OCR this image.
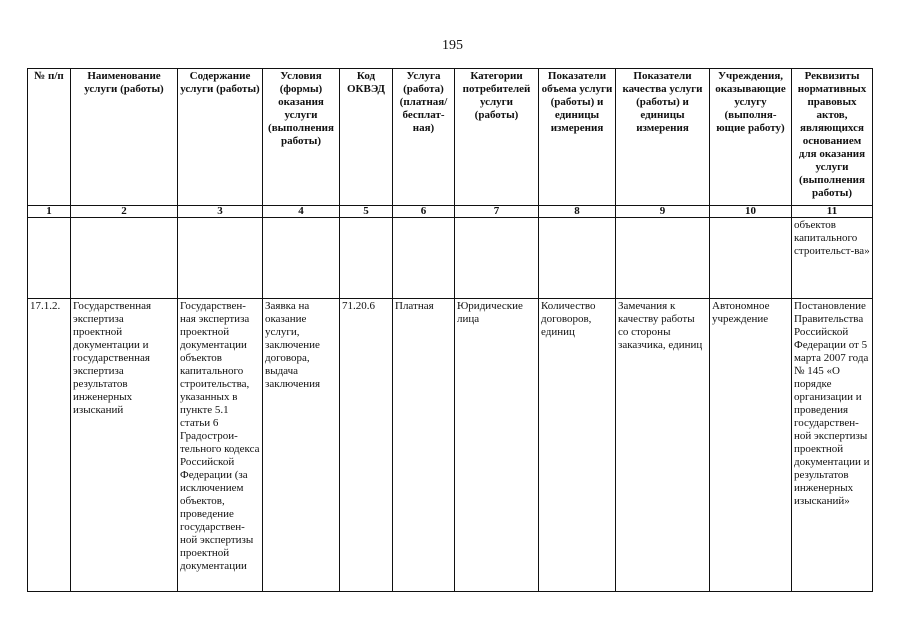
195
№ п/п	Наименование услуги (работы)	Содержание услуги (работы)	Условия (формы) оказания услуги (выполнения работы)	Код ОКВЭД	Услуга (работа) (платная/ бесплат-ная)	Категории потребителей услуги (работы)	Показатели объема услуги (работы) и единицы измерения	Показатели качества услуги (работы) и единицы измерения	Учреждения, оказывающие услугу (выполня-ющие работу)	Реквизиты нормативных правовых актов, являющихся основанием для оказания услуги (выполнения работы)
1	2	3	4	5	6	7	8	9	10	11
										объектов капитального строительст-ва»
17.1.2.	Государственная экспертиза проектной документации и государственная экспертиза результатов инженерных изысканий	Государствен-ная экспертиза проектной документации объектов капитального строительства, указанных в пункте 5.1 статьи 6 Градострои-тельного кодекса Российской Федерации (за исключением объектов, проведение государствен-ной экспертизы проектной документации	Заявка на оказание услуги, заключение договора, выдача заключения	71.20.6	Платная	Юридические лица	Количество договоров, единиц	Замечания к качеству работы со стороны заказчика, единиц	Автономное учреждение	Постановление Правительства Российской Федерации от 5 марта 2007 года № 145 «О порядке организации и проведения государствен-ной экспертизы проектной документации и результатов инженерных изысканий»
